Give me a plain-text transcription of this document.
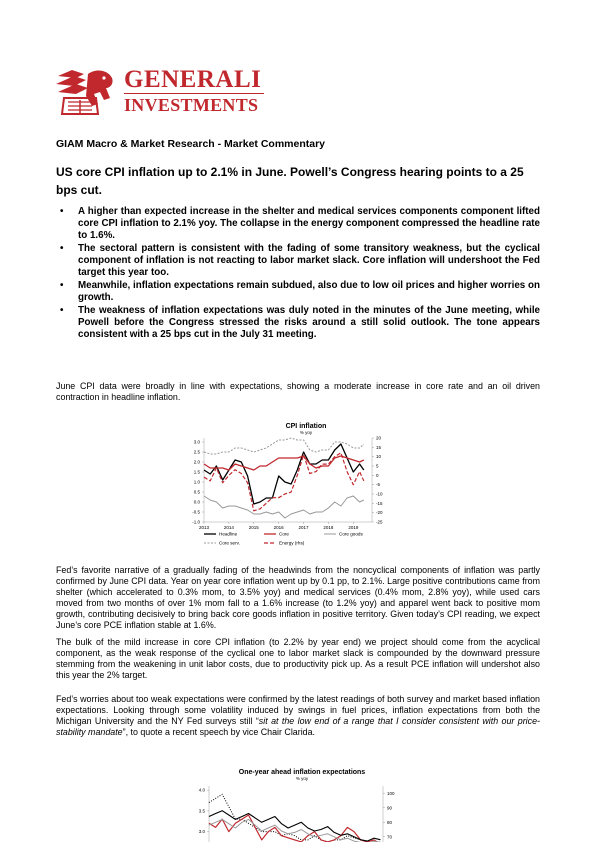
GENERALI
INVESTMENTS
GIAM Macro & Market Research - Market Commentary
US core CPI inflation up to 2.1% in June. Powell’s Congress hearing points to a 25 bps cut.
• A higher than expected increase in the shelter and medical services components component lifted core CPI inflation to 2.1% yoy. The collapse in the energy component compressed the headline rate to 1.6%.
• The sectoral pattern is consistent with the fading of some transitory weakness, but the cyclical component of inflation is not reacting to labor market slack. Core inflation will undershoot the Fed target this year too.
• Meanwhile, inflation expectations remain subdued, also due to low oil prices and higher worries on growth.
• The weakness of inflation expectations was duly noted in the minutes of the June meeting, while Powell before the Congress stressed the risks around a still solid outlook. The tone appears consistent with a 25 bps cut in the July 31 meeting.
June CPI data were broadly in line with expectations, showing a moderate increase in core rate and an oil driven contraction in headline inflation.
CPI inflation
% yoy
-1.0
-0.5
0.0
0.5
1.0
1.5
2.0
2.5
3.0
-25
-20
-15
-10
-5
0
5
10
15
20
2013	2014	2015	2016	2017	2018	2019
Headline	Core	Core goods
Core serv.	Energy (rhs)
Fed’s favorite narrative of a gradually fading of the headwinds from the noncyclical components of inflation was partly confirmed by June CPI data. Year on year core inflation went up by 0.1 pp, to 2.1%. Large positive contributions came from shelter (which accelerated to 0.3% mom, to 3.5% yoy) and medical services (0.4% mom, 2.8% yoy), while used cars moved from two months of over 1% mom fall to a 1.6% increase (to 1.2% yoy) and apparel went back to positive mom growth, contributing decisively to bring back core goods inflation in positive territory. Given today’s CPI reading, we expect June’s core PCE inflation stable at 1.6%.
The bulk of the mild increase in core CPI inflation (to 2.2% by year end) we project should come from the acyclical component, as the weak response of the cyclical one to labor market slack is compounded by the downward pressure stemming from the weakening in unit labor costs, due to productivity pick up. As a result PCE inflation will undershot also this year the 2% target.
Fed’s worries about too weak expectations were confirmed by the latest readings of both survey and market based inflation expectations. Looking through some volatility induced by swings in fuel prices, inflation expectations from both the Michigan University and the NY Fed surveys still “sit at the low end of a range that I consider consistent with our price-stability mandate”, to quote a recent speech by vice Chair Clarida.
One-year ahead inflation expectations
% yoy
3.0
3.5
4.0
70
80
90
100
